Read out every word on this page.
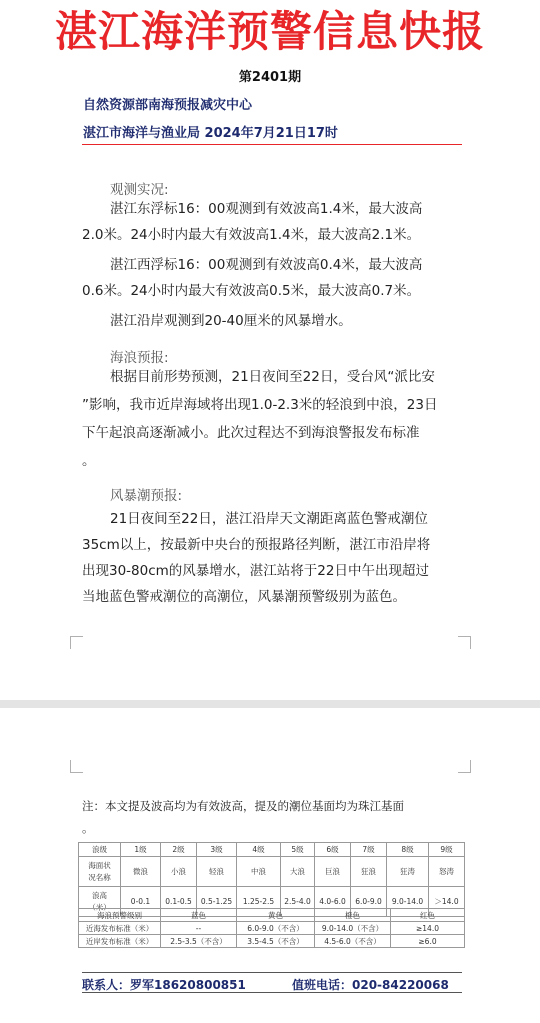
湛江海洋预警信息快报
第2401期
自然资源部南海预报减灾中心
湛江市海洋与渔业局 2024年7月21日17时
观测实况:
湛江东浮标16：00观测到有效波高1.4米，最大波高
2.0米。24小时内最大有效波高1.4米，最大波高2.1米。
湛江西浮标16：00观测到有效波高0.4米，最大波高
0.6米。24小时内最大有效波高0.5米，最大波高0.7米。
湛江沿岸观测到20-40厘米的风暴增水。
海浪预报:
根据目前形势预测，21日夜间至22日，受台风“派比安
”影响，我市近岸海域将出现1.0-2.3米的轻浪到中浪，23日
下午起浪高逐渐减小。此次过程达不到海浪警报发布标准
。
风暴潮预报:
21日夜间至22日，湛江沿岸天文潮距离蓝色警戒潮位
35cm以上，按最新中央台的预报路径判断，湛江市沿岸将
出现30-80cm的风暴增水，湛江站将于22日中午出现超过
当地蓝色警戒潮位的高潮位，风暴潮预警级别为蓝色。
注：本文提及波高均为有效波高，提及的潮位基面均为珠江基面
。
浪级	1级	2级	3级	4级	5级	6级	7级	8级	9级
海面状况名称	微浪	小浪	轻浪	中浪	大浪	巨浪	狂浪	狂涛	怒涛
浪高（米）	0-0.1	0.1-0.5	0.5-1.25	1.25-2.5	2.5-4.0	4.0-6.0	6.0-9.0	9.0-14.0	＞14.0
海浪预警级别	蓝色	黄色	橙色	红色
近海发布标准（米）	--	6.0-9.0（不含）	9.0-14.0（不含）	≥14.0
近岸发布标准（米）	2.5-3.5（不含）	3.5-4.5（不含）	4.5-6.0（不含）	≥6.0
联系人：罗军18620800851	值班电话：020-84220068
